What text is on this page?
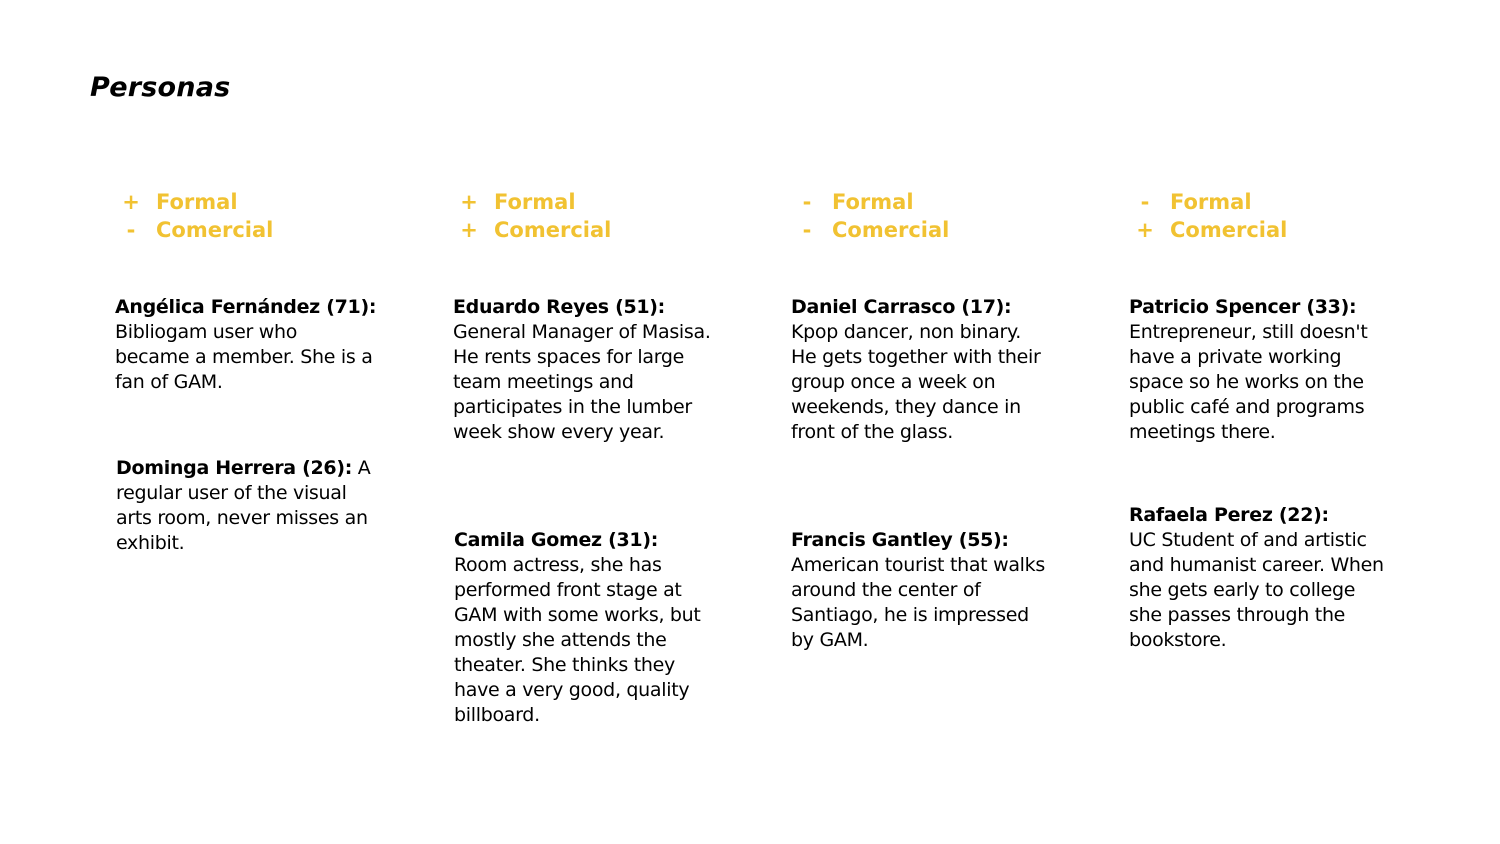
Personas
+ Formal
- Comercial
+ Formal
+ Comercial
- Formal
- Comercial
- Formal
+ Comercial
Angélica Fernández (71):
Bibliogam user who
became a member. She is a
fan of GAM.
Dominga Herrera (26): A
regular user of the visual
arts room, never misses an
exhibit.
Eduardo Reyes (51):
General Manager of Masisa.
He rents spaces for large
team meetings and
participates in the lumber
week show every year.
Camila Gomez (31):
Room actress, she has
performed front stage at
GAM with some works, but
mostly she attends the
theater. She thinks they
have a very good, quality
billboard.
Daniel Carrasco (17):
Kpop dancer, non binary.
He gets together with their
group once a week on
weekends, they dance in
front of the glass.
Francis Gantley (55):
American tourist that walks
around the center of
Santiago, he is impressed
by GAM.
Patricio Spencer (33):
Entrepreneur, still doesn't
have a private working
space so he works on the
public café and programs
meetings there.
Rafaela Perez (22):
UC Student of and artistic
and humanist career. When
she gets early to college
she passes through the
bookstore.
